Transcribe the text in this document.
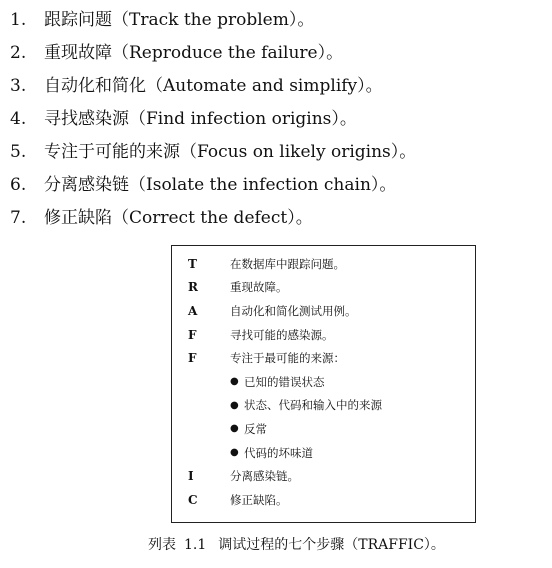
1.	跟踪问题（Track the problem）。
2.	重现故障（Reproduce the failure）。
3.	自动化和简化（Automate and simplify）。
4.	寻找感染源（Find infection origins）。
5.	专注于可能的来源（Focus on likely origins）。
6.	分离感染链（Isolate the infection chain）。
7.	修正缺陷（Correct the defect）。
T	在数据库中跟踪问题。
R	重现故障。
A	自动化和简化测试用例。
F	寻找可能的感染源。
F	专注于最可能的来源：
● 已知的错误状态
● 状态、代码和输入中的来源
● 反常
● 代码的坏味道
I	分离感染链。
C	修正缺陷。
列表 1.1 调试过程的七个步骤（TRAFFIC）。
